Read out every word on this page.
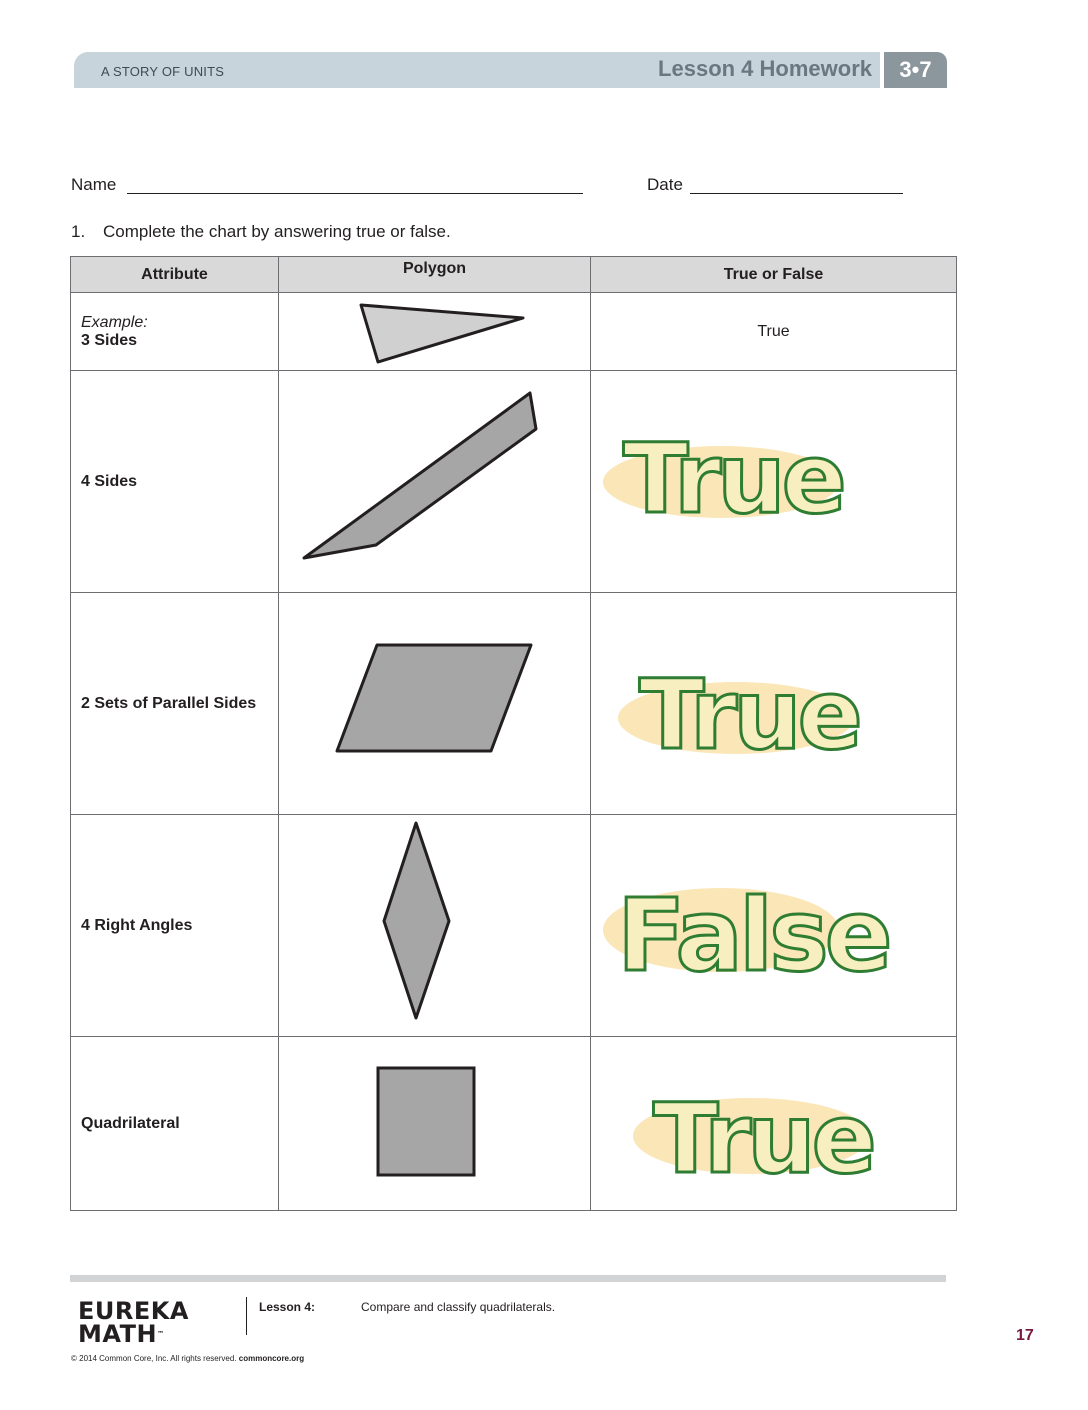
A STORY OF UNITS	Lesson 4 Homework	3•7
Name	Date
1. Complete the chart by answering true or false.
Attribute	Polygon	True or False

Example:
3 Sides		True
4 Sides		True

2 Sets of Parallel Sides		True

4 Right Angles		False

Quadrilateral		True
EUREKA
MATH™
Lesson 4:	Compare and classify quadrilaterals.
© 2014 Common Core, Inc. All rights reserved. commoncore.org
17
